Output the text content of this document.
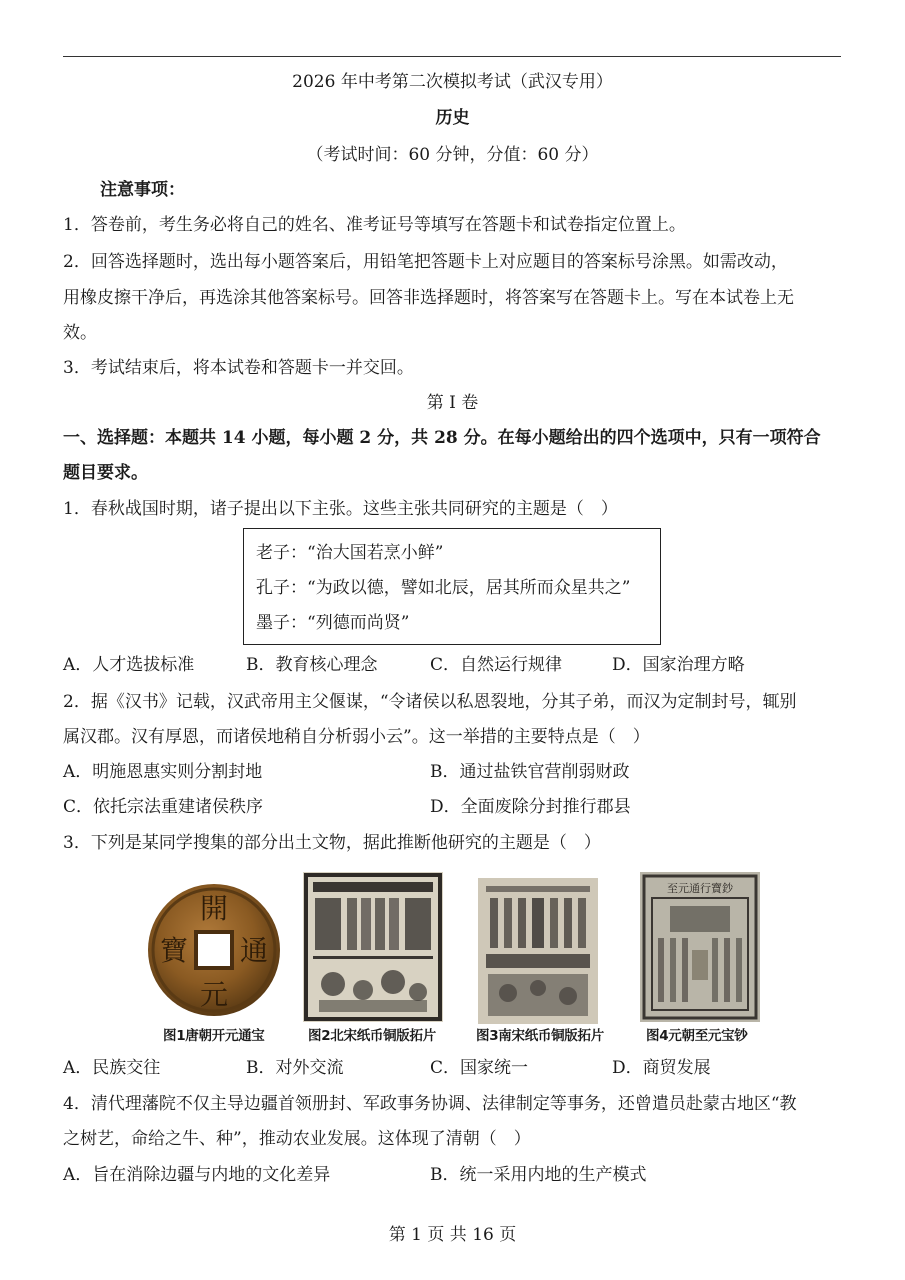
2026 年中考第二次模拟考试（武汉专用）
历史
（考试时间：60 分钟，分值：60 分）
注意事项：
1．答卷前，考生务必将自己的姓名、准考证号等填写在答题卡和试卷指定位置上。
2．回答选择题时，选出每小题答案后，用铅笔把答题卡上对应题目的答案标号涂黑。如需改动，
用橡皮擦干净后，再选涂其他答案标号。回答非选择题时，将答案写在答题卡上。写在本试卷上无
效。
3．考试结束后，将本试卷和答题卡一并交回。
第 I 卷
一、选择题：本题共 14 小题，每小题 2 分，共 28 分。在每小题给出的四个选项中，只有一项符合
题目要求。
1．春秋战国时期，诸子提出以下主张。这些主张共同研究的主题是（　）
老子：“治大国若烹小鲜”
孔子：“为政以德，譬如北辰，居其所而众星共之”
墨子：“列德而尚贤”
A．人才选拔标准	B．教育核心理念	C．自然运行规律	D．国家治理方略
2．据《汉书》记载，汉武帝用主父偃谋，“令诸侯以私恩裂地，分其子弟，而汉为定制封号，辄别
属汉郡。汉有厚恩，而诸侯地稍自分析弱小云”。这一举措的主要特点是（　）
A．明施恩惠实则分割封地	B．通过盐铁官营削弱财政
C．依托宗法重建诸侯秩序	D．全面废除分封推行郡县
3．下列是某同学搜集的部分出土文物，据此推断他研究的主题是（　）
開
通
元
寶
图1唐朝开元通宝	图2北宋纸币铜版拓片	图3南宋纸币铜版拓片
至元通行寶鈔
图4元朝至元宝钞
A．民族交往	B．对外交流	C．国家统一	D．商贸发展
4．清代理藩院不仅主导边疆首领册封、军政事务协调、法律制定等事务，还曾遣员赴蒙古地区“教
之树艺，命给之牛、种”，推动农业发展。这体现了清朝（　）
A．旨在消除边疆与内地的文化差异	B．统一采用内地的生产模式
第 1 页 共 16 页
